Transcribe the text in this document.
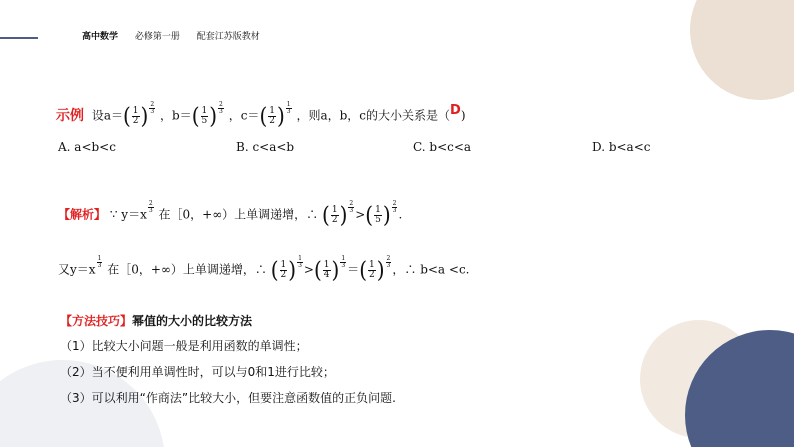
高中数学 必修第一册 配套江苏版教材
示例 设$a=( \frac{1}{2}$ ) $^{\frac{2}{3}}$
，$b=( \frac{1}{5}$ ) $^{\frac{2}{3}}$
，$c=( \frac{1}{2}$ ) $^{\frac{1}{3}}$
，则a，b，c的大小关系是（D)
A. a<b<c	B. c<a<b	C. b<c<a	D. b<a<c
【解析】 ∵ y＝x
$^{\frac{2}{3}}$
在［0，+∞）上单调递增，∴ ( $\frac{1}{2}$ ) $^{\frac{2}{3}}$
>( $\frac{1}{5}$ ) $^{\frac{2}{3}}$
.
又y＝x
$^{\frac{1}{3}}$
在［0，+∞）上单调递增，∴ ( $\frac{1}{2}$ ) $^{\frac{1}{3}}$
>( $\frac{1}{4}$ ) $^{\frac{1}{3}}$
＝( $\frac{1}{2}$ ) $^{\frac{2}{3}}$
，∴ b<a <c.
【方法技巧】幂值的大小的比较方法
（1）比较大小问题一般是利用函数的单调性；
（2）当不便利用单调性时，可以与0和1进行比较；
（3）可以利用“作商法”比较大小，但要注意函数值的正负问题.
